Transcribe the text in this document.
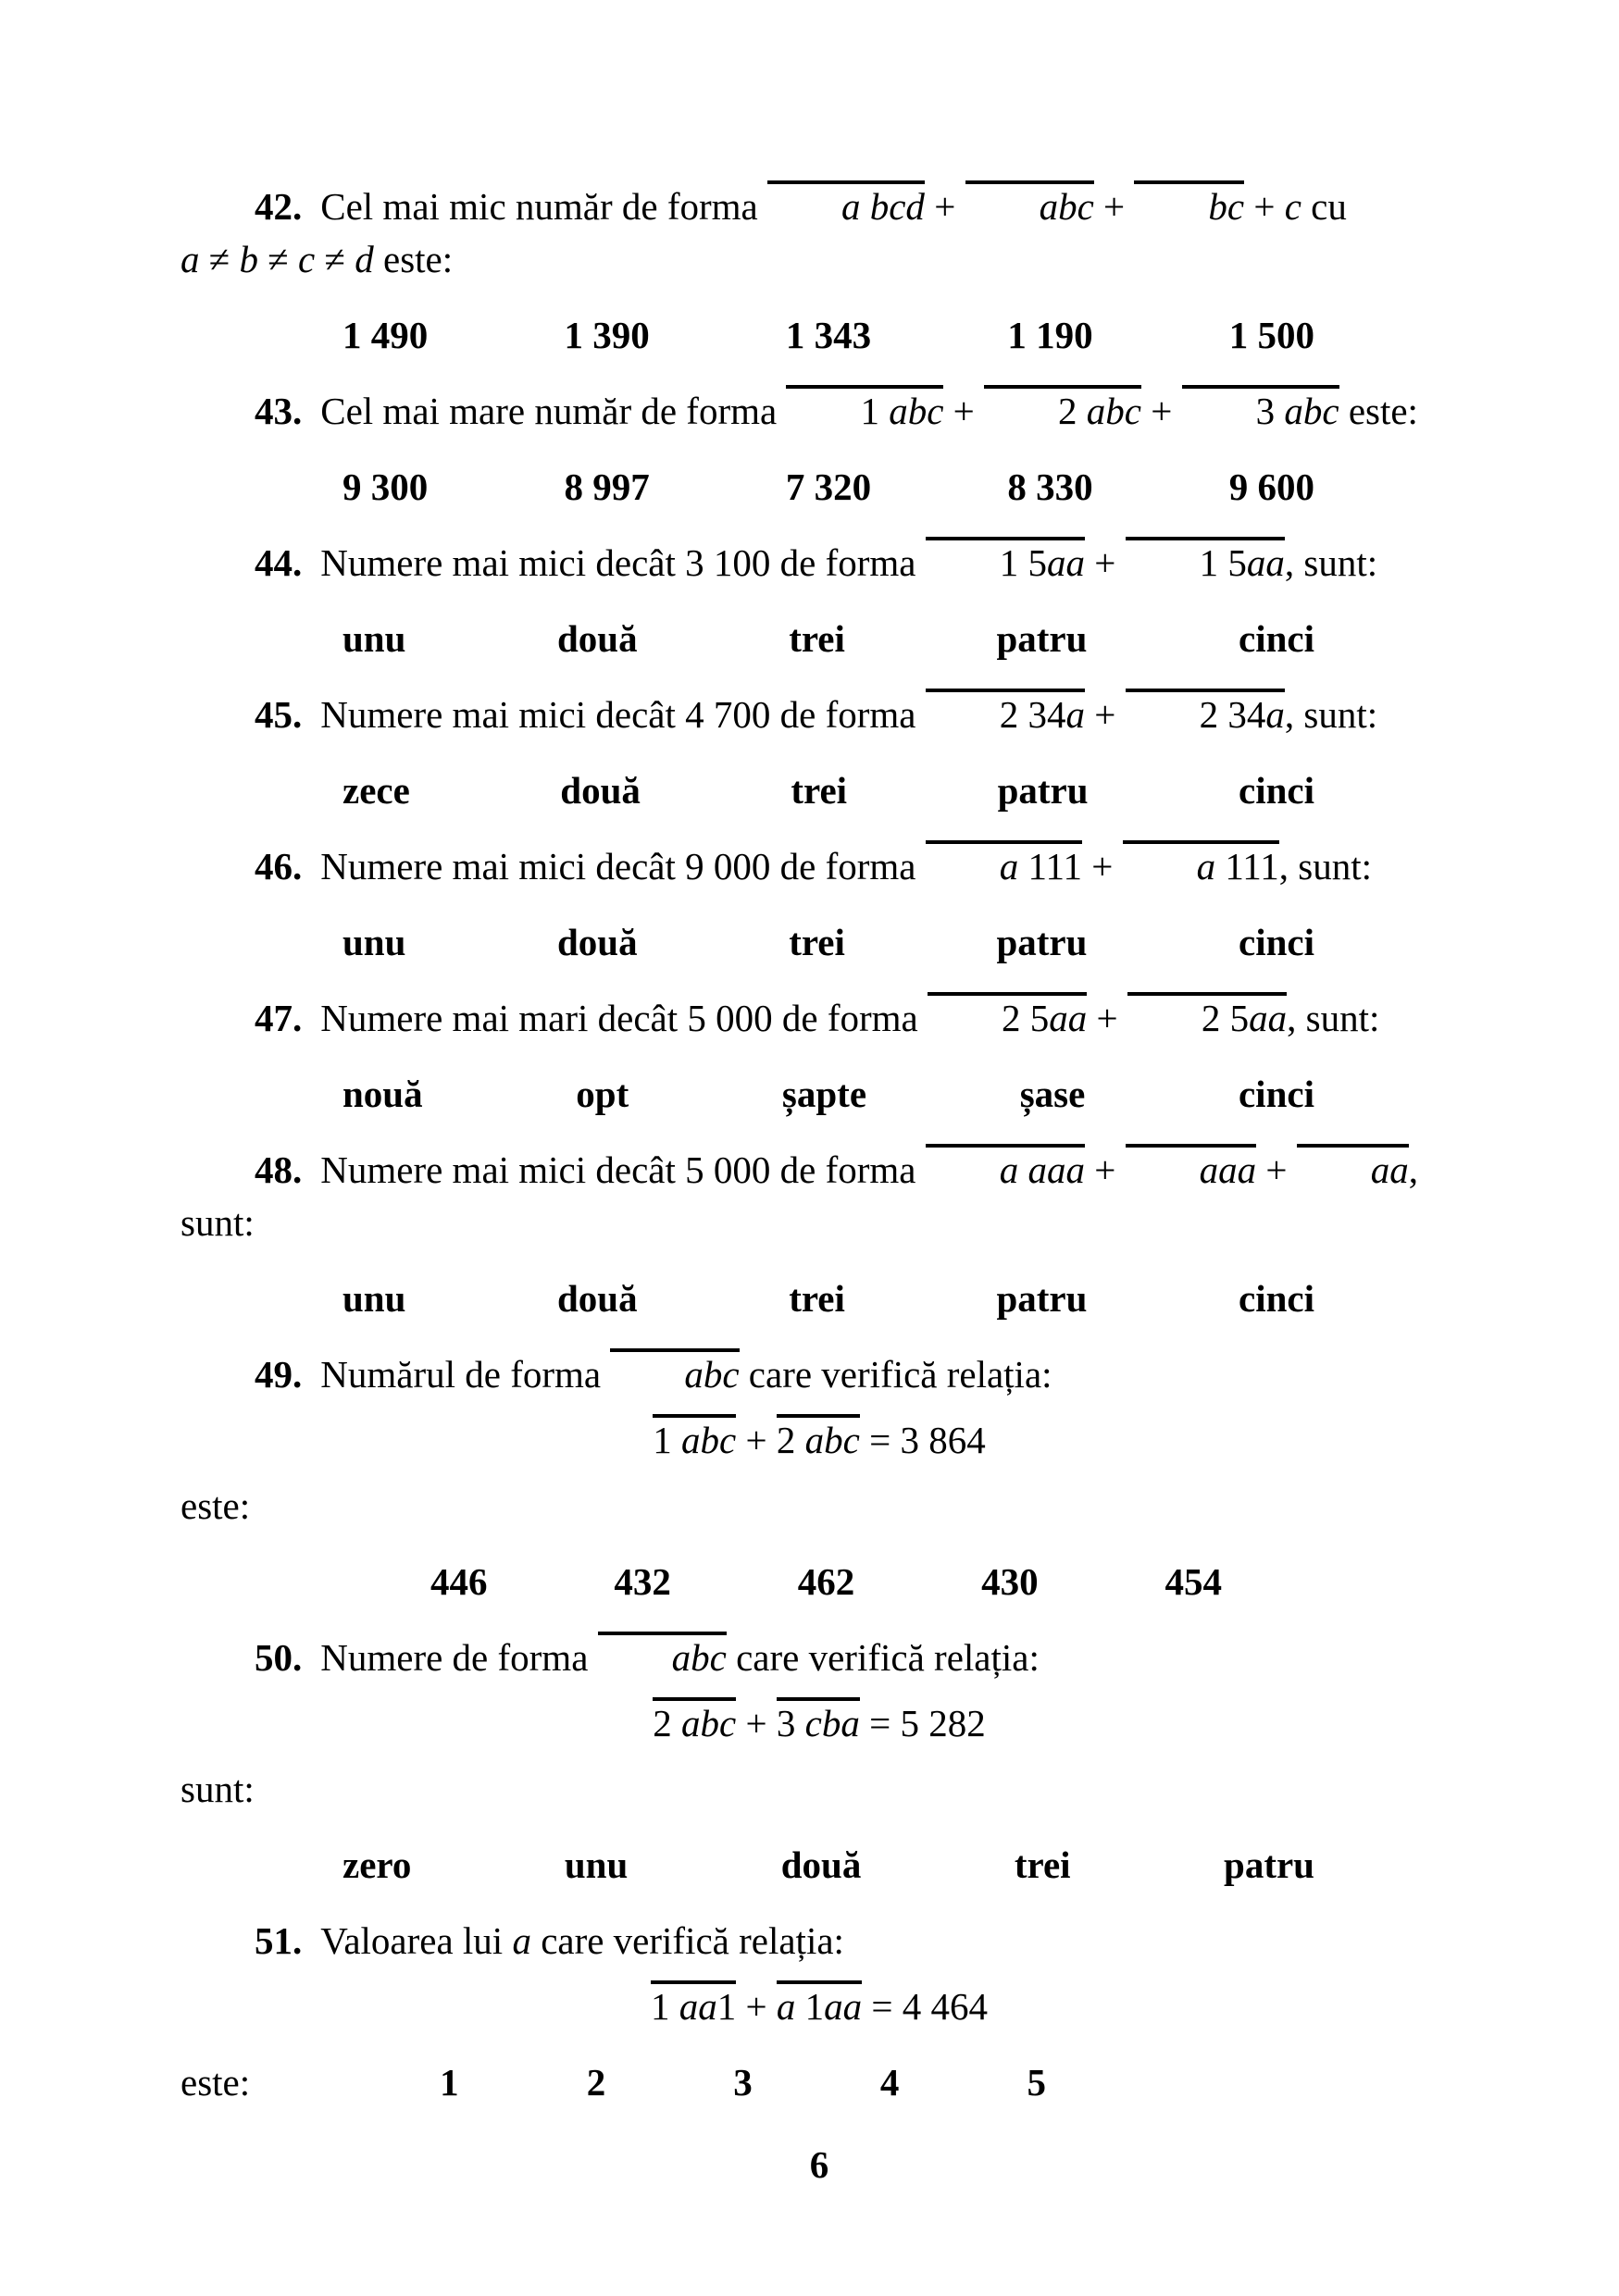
42. Cel mai mic număr de forma a bcd + abc + bc + c cu

a ≠ b ≠ c ≠ d este:

1 490	1 390	1 343	1 190	1 500

43. Cel mai mare număr de forma 1 abc + 2 abc + 3 abc este:

9 300	8 997	7 320	8 330	9 600

44. Numere mai mici decât 3 100 de forma 1 5aa + 1 5aa, sunt:

unu	două	trei	patru	cinci

45. Numere mai mici decât 4 700 de forma 2 34a + 2 34a, sunt:

zece	două	trei	patru	cinci

46. Numere mai mici decât 9 000 de forma a 111 + a 111, sunt:

unu	două	trei	patru	cinci

47. Numere mai mari decât 5 000 de forma 2 5aa + 2 5aa, sunt:

nouă	opt	șapte	șase	cinci

48. Numere mai mici decât 5 000 de forma a aaa + aaa + aa,

sunt:

unu	două	trei	patru	cinci

49. Numărul de forma abc care verifică relația:

1 abc + 2 abc = 3 864

este:

446	432	462	430	454

50. Numere de forma abc care verifică relația:

2 abc + 3 cba = 5 282

sunt:

zero	unu	două	trei	patru

51. Valoarea lui a care verifică relația:

1 aa1 + a 1aa = 4 464

este:	1	2	3	4	5
6
